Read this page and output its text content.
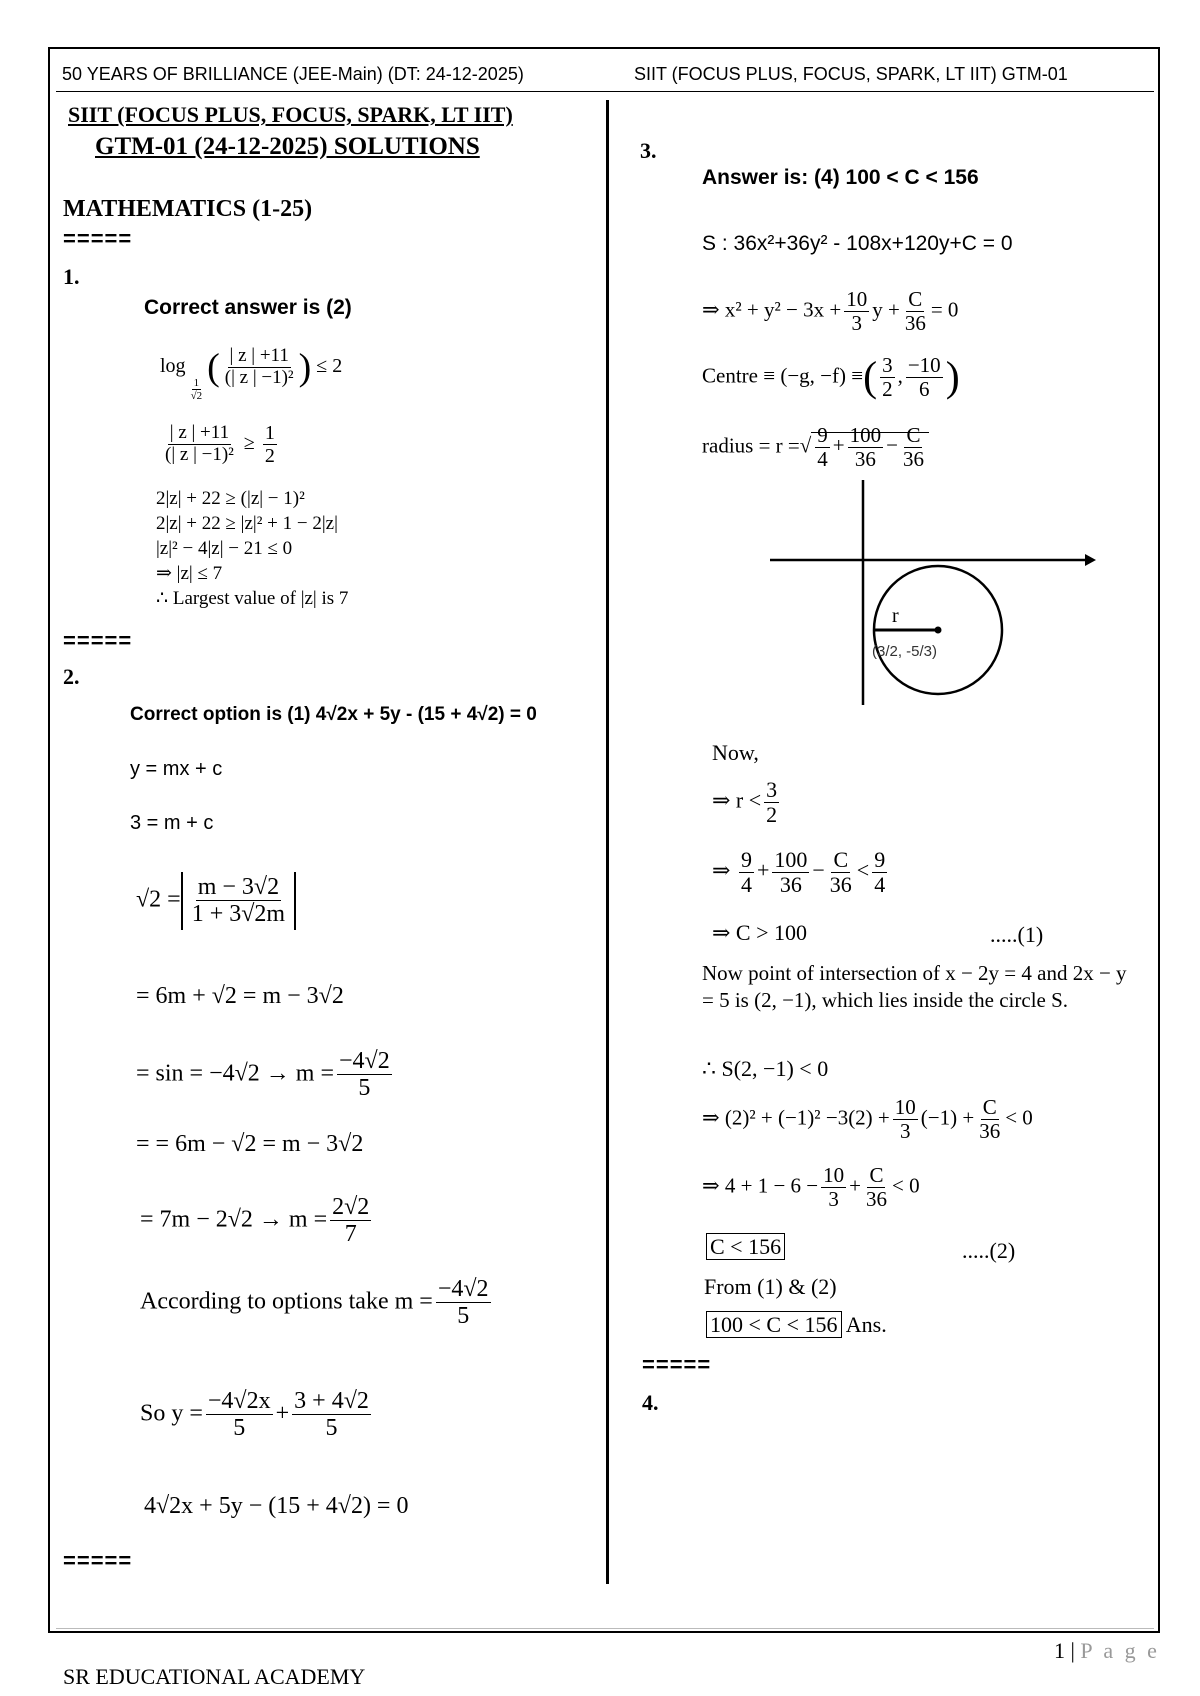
50 YEARS OF BRILLIANCE (JEE-Main) (DT: 24-12-2025)	SIIT (FOCUS PLUS, FOCUS, SPARK, LT IIT) GTM-01
SIIT (FOCUS PLUS, FOCUS, SPARK, LT IIT)
GTM-01 (24-12-2025) SOLUTIONS
MATHEMATICS (1-25)
=====
1.
Correct answer is (2)
log
$\frac{1}{√2}$
( $\frac{| z | +11}{\text{(| z | −1)²}}$ ) ≤ 2
$\frac{| z | +11}{\text{(| z | −1)²}} \ge \frac{1}{2}$
2|z| + 22 ≥ (|z| − 1)²
2|z| + 22 ≥ |z|² + 1 − 2|z|
|z|² − 4|z| − 21 ≤ 0
⇒ |z| ≤ 7
∴ Largest value of |z| is 7
=====
2.
Correct option is (1) 4√2x + 5y - (15 + 4√2) = 0
y = mx + c
3 = m + c
$√2 = \frac{m - 3√2}{1 + 3√2m}$
= 6m + √2 = m − 3√2
= $\sin = -4√2 \to m = \frac{-4√2}{5}$
= = 6m − √2 = m − 3√2
= $7m - 2√2 \to m = \frac{2√2}{7}$
According to options take $m = \frac{-4√2}{5}$
So $y = \frac{-4√2x}{5} + \frac{3 + 4√2}{5}$
4√2x + 5y − (15 + 4√2) = 0
=====
3.
Answer is: (4) 100 < C < 156
S : 36x²+36y² - 108x+120y+C = 0
⇒ $x^2 + y^2 - 3x + \frac{10}{3}$ $y + \frac{C}{36} = 0$
Centre ≡ (−g, −f) ≡( $\frac{3}{2}$ , $\frac{-10}{6}$ )
radius = r =√ $\frac{9}{4} + \frac{100}{36} - \frac{C}{36}$
r
(3/2, -5/3)
Now,
⇒ $r < \frac{3}{2}$
⇒ $\frac{9}{4} + \frac{100}{36} - \frac{C}{36} < \frac{9}{4}$
⇒ C > 100	.....(1)
Now point of intersection of x − 2y = 4 and 2x − y = 5 is (2, −1), which lies inside the circle S.
∴ S(2, −1) < 0
⇒ $(2)^2 + (-1)^2 -3(2) + \frac{10}{3} (-1) + \frac{C}{36} < 0$
⇒ $4 + 1 - 6 - \frac{10}{3} + \frac{C}{36} < 0$
C < 156	.....(2)
From (1) & (2)
100 < C < 156 Ans.
=====
4.
1 | P a g e
SR EDUCATIONAL ACADEMY
